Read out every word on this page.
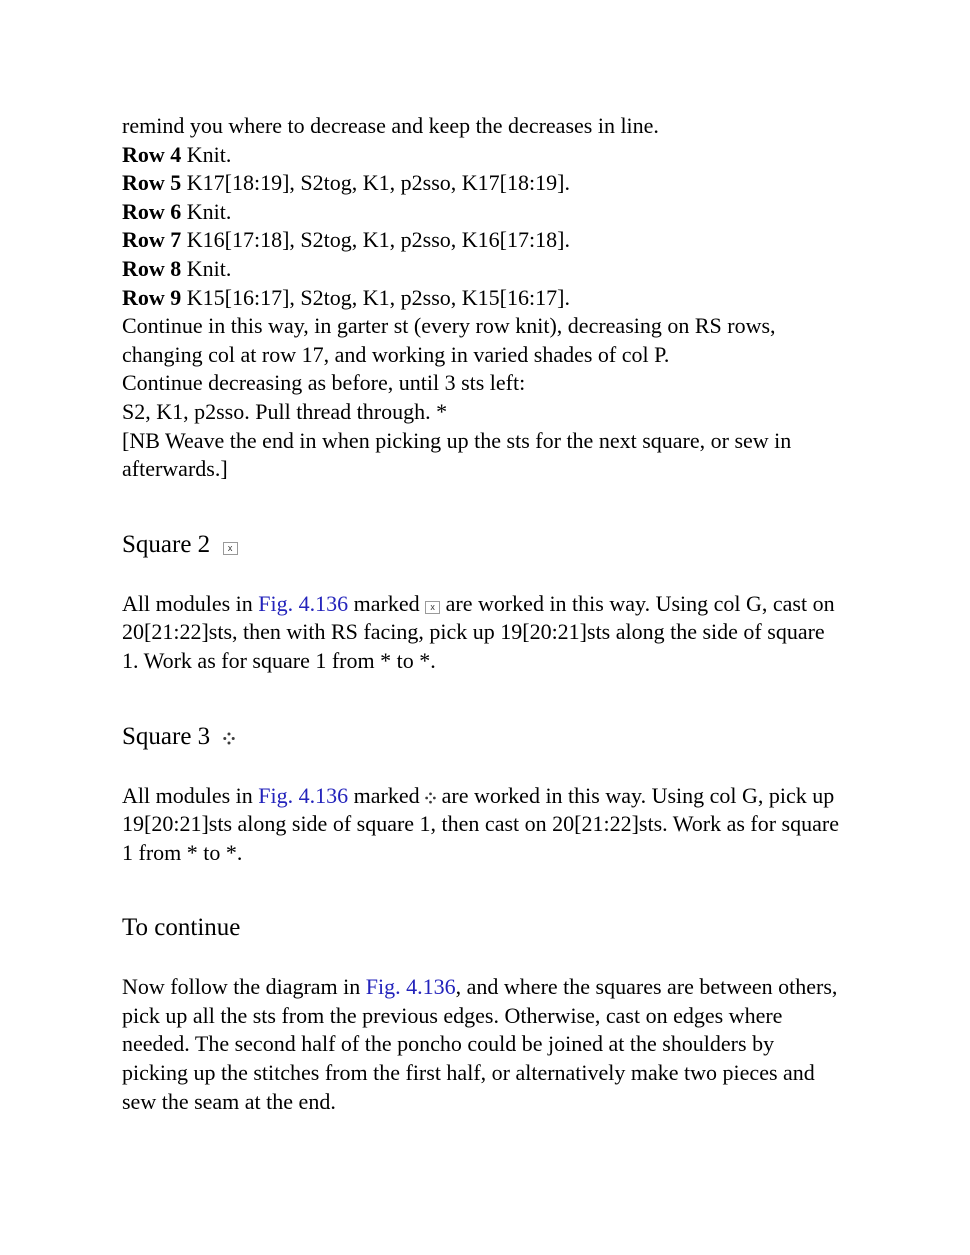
remind you where to decrease and keep the decreases in line.

Row 4 Knit.

Row 5 K17[18:19], S2tog, K1, p2sso, K17[18:19].

Row 6 Knit.

Row 7 K16[17:18], S2tog, K1, p2sso, K16[17:18].

Row 8 Knit.

Row 9 K15[16:17], S2tog, K1, p2sso, K15[16:17].

Continue in this way, in garter st (every row knit), decreasing on RS rows, changing col at row 17, and working in varied shades of col P.

Continue decreasing as before, until 3 sts left:

S2, K1, p2sso. Pull thread through. *

[NB Weave the end in when picking up the sts for the next square, or sew in afterwards.]

Square 2 x

All modules in Fig. 4.136 marked x are worked in this way. Using col G, cast on 20[21:22]sts, then with RS facing, pick up 19[20:21]sts along the side of square 1. Work as for square 1 from * to *.

Square 3

All modules in Fig. 4.136 marked
are worked in this way. Using col G, pick up 19[20:21]sts along side of square 1, then cast on 20[21:22]sts. Work as for square 1 from * to *.

To continue

Now follow the diagram in Fig. 4.136, and where the squares are between others, pick up all the sts from the previous edges. Otherwise, cast on edges where needed. The second half of the poncho could be joined at the shoulders by picking up the stitches from the first half, or alternatively make two pieces and sew the seam at the end.
